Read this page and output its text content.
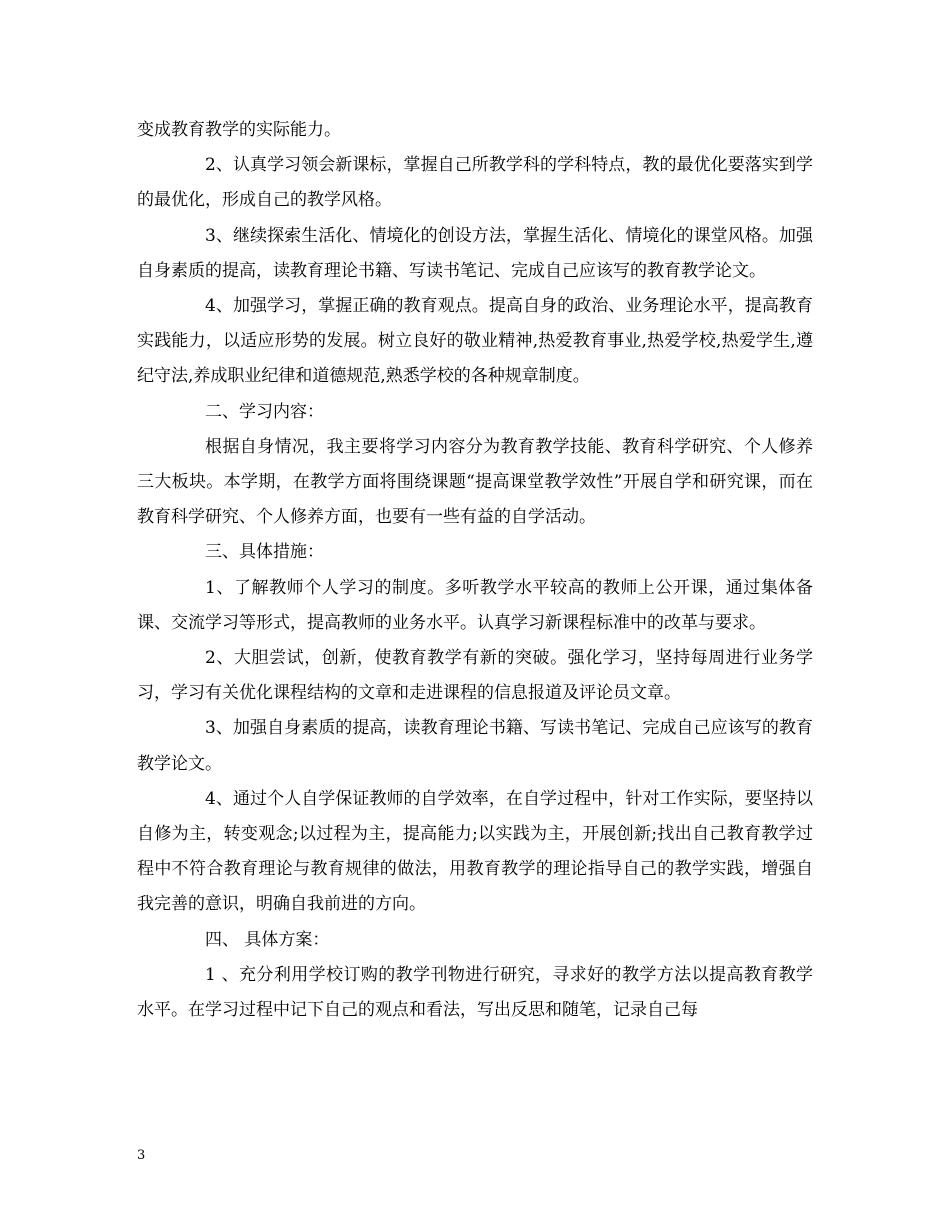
变成教育教学的实际能力。

2、认真学习领会新课标，掌握自己所教学科的学科特点，教的最优化要落实到学的最优化，形成自己的教学风格。

3、继续探索生活化、情境化的创设方法，掌握生活化、情境化的课堂风格。加强自身素质的提高，读教育理论书籍、写读书笔记、完成自己应该写的教育教学论文。

4、加强学习，掌握正确的教育观点。提高自身的政治、业务理论水平，提高教育实践能力，以适应形势的发展。树立良好的敬业精神,热爱教育事业,热爱学校,热爱学生,遵纪守法,养成职业纪律和道德规范,熟悉学校的各种规章制度。

二、学习内容：

根据自身情况，我主要将学习内容分为教育教学技能、教育科学研究、个人修养三大板块。本学期，在教学方面将围绕课题“提高课堂教学效性”开展自学和研究课，而在教育科学研究、个人修养方面，也要有一些有益的自学活动。

三、具体措施：

1、了解教师个人学习的制度。多听教学水平较高的教师上公开课，通过集体备课、交流学习等形式，提高教师的业务水平。认真学习新课程标准中的改革与要求。

2、大胆尝试，创新，使教育教学有新的突破。强化学习，坚持每周进行业务学习，学习有关优化课程结构的文章和走进课程的信息报道及评论员文章。

3、加强自身素质的提高，读教育理论书籍、写读书笔记、完成自己应该写的教育教学论文。

4、通过个人自学保证教师的自学效率，在自学过程中，针对工作实际，要坚持以自修为主，转变观念;以过程为主，提高能力;以实践为主，开展创新;找出自己教育教学过程中不符合教育理论与教育规律的做法，用教育教学的理论指导自己的教学实践，增强自我完善的意识，明确自我前进的方向。

四、 具体方案：

1 、充分利用学校订购的教学刊物进行研究，寻求好的教学方法以提高教育教学水平。在学习过程中记下自己的观点和看法，写出反思和随笔，记录自己每

3
